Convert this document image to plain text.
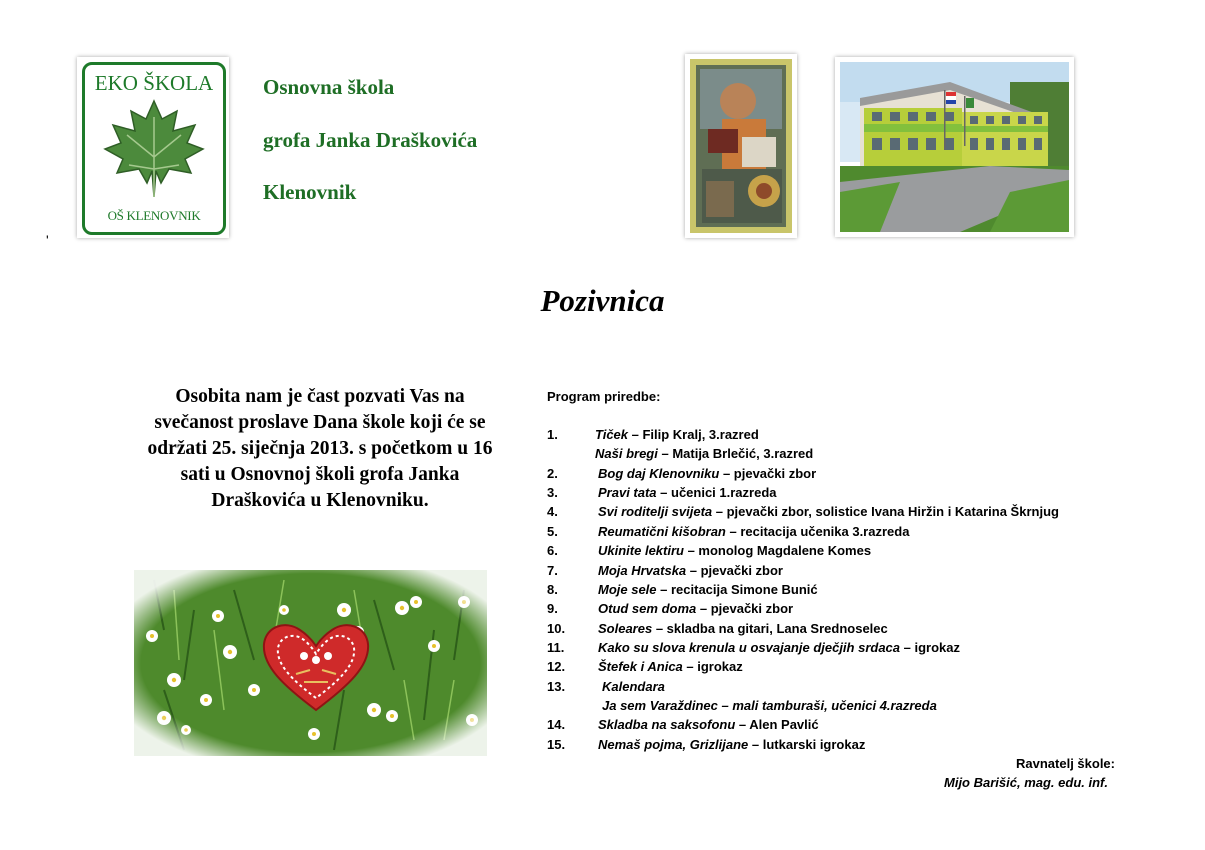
EKO ŠKOLA
OŠ KLENOVNIK
Osnovna škola
grofa Janka Draškovića
Klenovnik
'
Pozivnica
Osobita nam je čast pozvati Vas na svečanost proslave Dana škole koji će se održati 25. siječnja 2013. s početkom u 16 sati u Osnovnoj školi grofa Janka Draškovića u Klenovniku.
Program priredbe:
1.	Tiček – Filip Kralj, 3.razred
Naši bregi – Matija Brlečić, 3.razred
2.	Bog daj Klenovniku – pjevački zbor
3.	Pravi tata – učenici 1.razreda
4.	Svi roditelji svijeta – pjevački zbor, solistice Ivana Hiržin i Katarina Škrnjug
5.	Reumatični kišobran – recitacija učenika 3.razreda
6.	Ukinite lektiru – monolog Magdalene Komes
7.	Moja Hrvatska – pjevački zbor
8.	Moje sele – recitacija Simone Bunić
9.	Otud sem doma – pjevački zbor
10.	Soleares – skladba na gitari, Lana Srednoselec
11.	Kako su slova krenula u osvajanje dječjih srdaca – igrokaz
12.	Štefek i Anica – igrokaz
13.	Kalendara
Ja sem Varaždinec – mali tamburaši, učenici 4.razreda
14.	Skladba na saksofonu – Alen Pavlić
15.	Nemaš pojma, Grizlijane – lutkarski igrokaz
Ravnatelj škole:
Mijo Barišić, mag. edu. inf.
